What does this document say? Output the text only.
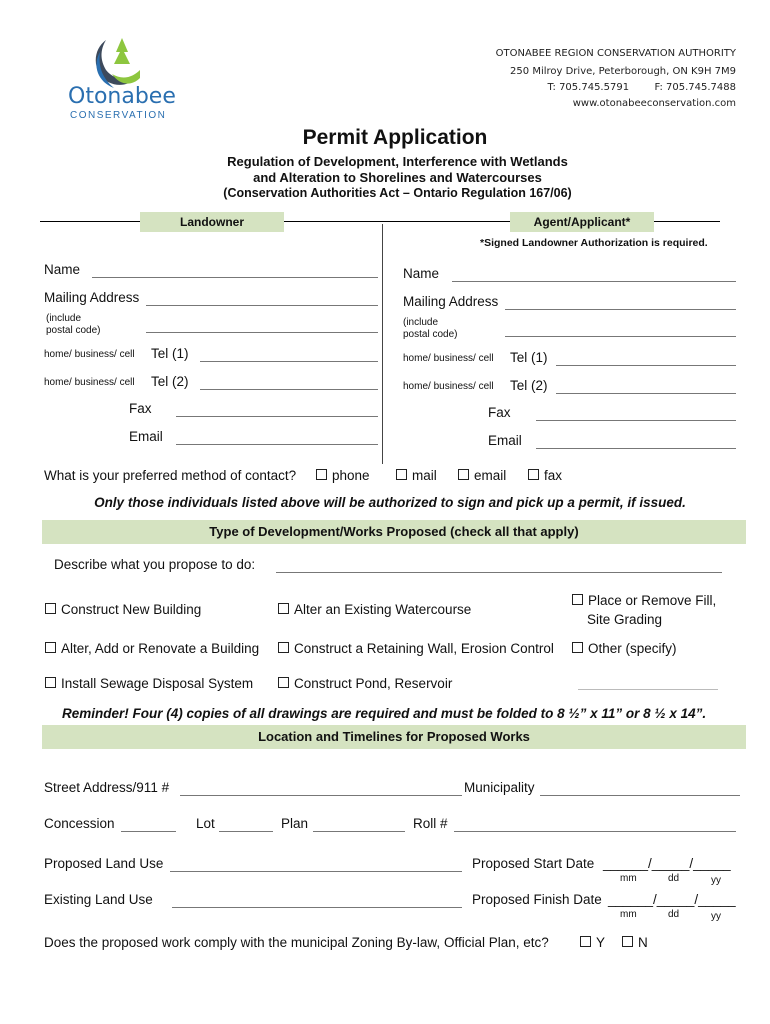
Otonabee
CONSERVATION
OTONABEE REGION CONSERVATION AUTHORITY
250 Milroy Drive, Peterborough, ON K9H 7M9
T: 705.745.5791        F: 705.745.7488
www.otonabeeconservation.com
Permit Application
Regulation of Development, Interference with Wetlands
and Alteration to Shorelines and Watercourses
(Conservation Authorities Act – Ontario Regulation 167/06)
Landowner	Agent/Applicant*
*Signed Landowner Authorization is required.
Name
Mailing Address
(include
postal code)
home/ business/ cell Tel (1)
home/ business/ cell Tel (2)
Fax
Email
Name
Mailing Address
(include
postal code)
home/ business/ cell Tel (1)
home/ business/ cell Tel (2)
Fax
Email
What is your preferred method of contact?	phone	mail	email	fax
Only those individuals listed above will be authorized to sign and pick up a permit, if issued.
Type of Development/Works Proposed (check all that apply)
Describe what you propose to do:
Construct New Building	Alter an Existing Watercourse
Place or Remove Fill,
Site Grading
Alter, Add or Renovate a Building	Construct a Retaining Wall, Erosion Control	Other (specify)
Install Sewage Disposal System	Construct Pond, Reservoir
Reminder! Four (4) copies of all drawings are required and must be folded to 8 ½” x 11” or 8 ½ x 14”.
Location and Timelines for Proposed Works
Street Address/911 #	Municipality
Concession	Lot	Plan	Roll #
Proposed Land Use	Proposed Start Date ______/_____/_____
mm	dd	yy
Existing Land Use	Proposed Finish Date ______/_____/_____
mm	dd	yy
Does the proposed work comply with the municipal Zoning By-law, Official Plan, etc?	Y	N
